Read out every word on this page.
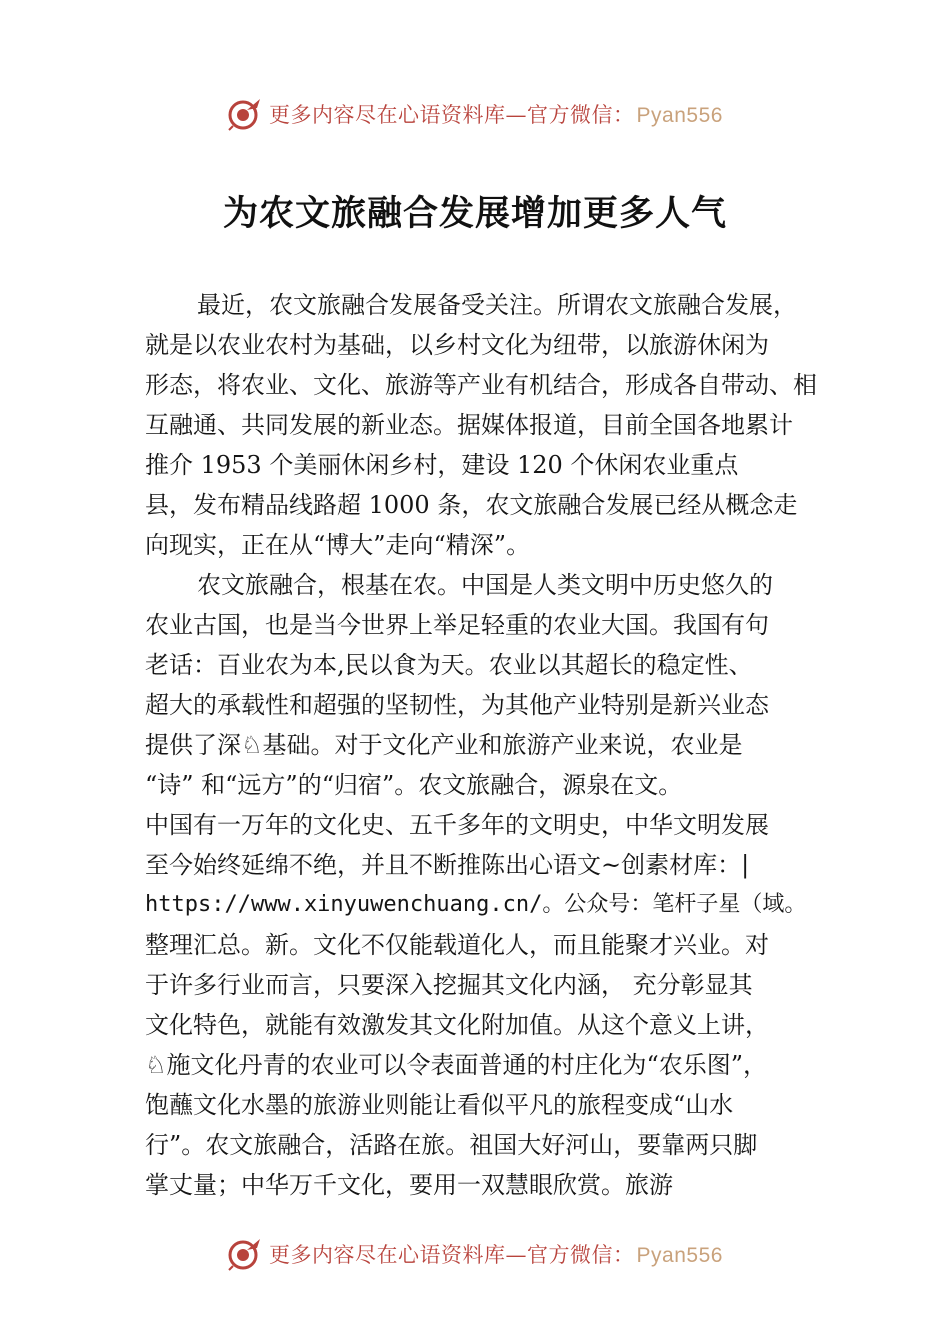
更多内容尽在心语资料库—官方微信：Pyan556
为农文旅融合发展增加更多人气
最近，农文旅融合发展备受关注。所谓农文旅融合发展，
就是以农业农村为基础，以乡村文化为纽带，以旅游休闲为
形态，将农业、文化、旅游等产业有机结合，形成各自带动、相
互融通、共同发展的新业态。据媒体报道，目前全国各地累计
推介 1953 个美丽休闲乡村，建设 120 个休闲农业重点
县，发布精品线路超 1000 条，农文旅融合发展已经从概念走
向现实，正在从“博大”走向“精深”。
农文旅融合，根基在农。中国是人类文明中历史悠久的
农业古国，也是当今世界上举足轻重的农业大国。我国有句
老话：百业农为本,民以食为天。农业以其超长的稳定性、
超大的承载性和超强的坚韧性，为其他产业特别是新兴业态
提供了深♘基础。对于文化产业和旅游产业来说，农业是
“诗” 和“远方”的“归宿”。农文旅融合，源泉在文。
中国有一万年的文化史、五千多年的文明史，中华文明发展
至今始终延绵不绝，并且不断推陈出心语文~创素材库：|
https://www.xinyuwenchuang.cn/。公众号：笔杆子星（域。
整理汇总。新。文化不仅能载道化人，而且能聚才兴业。对
于许多行业而言，只要深入挖掘其文化内涵， 充分彰显其
文化特色，就能有效激发其文化附加值。从这个意义上讲，
♘施文化丹青的农业可以令表面普通的村庄化为“农乐图”，
饱蘸文化水墨的旅游业则能让看似平凡的旅程变成“山水
行”。农文旅融合，活路在旅。祖国大好河山，要靠两只脚
掌丈量；中华万千文化，要用一双慧眼欣赏。旅游
更多内容尽在心语资料库—官方微信：Pyan556
